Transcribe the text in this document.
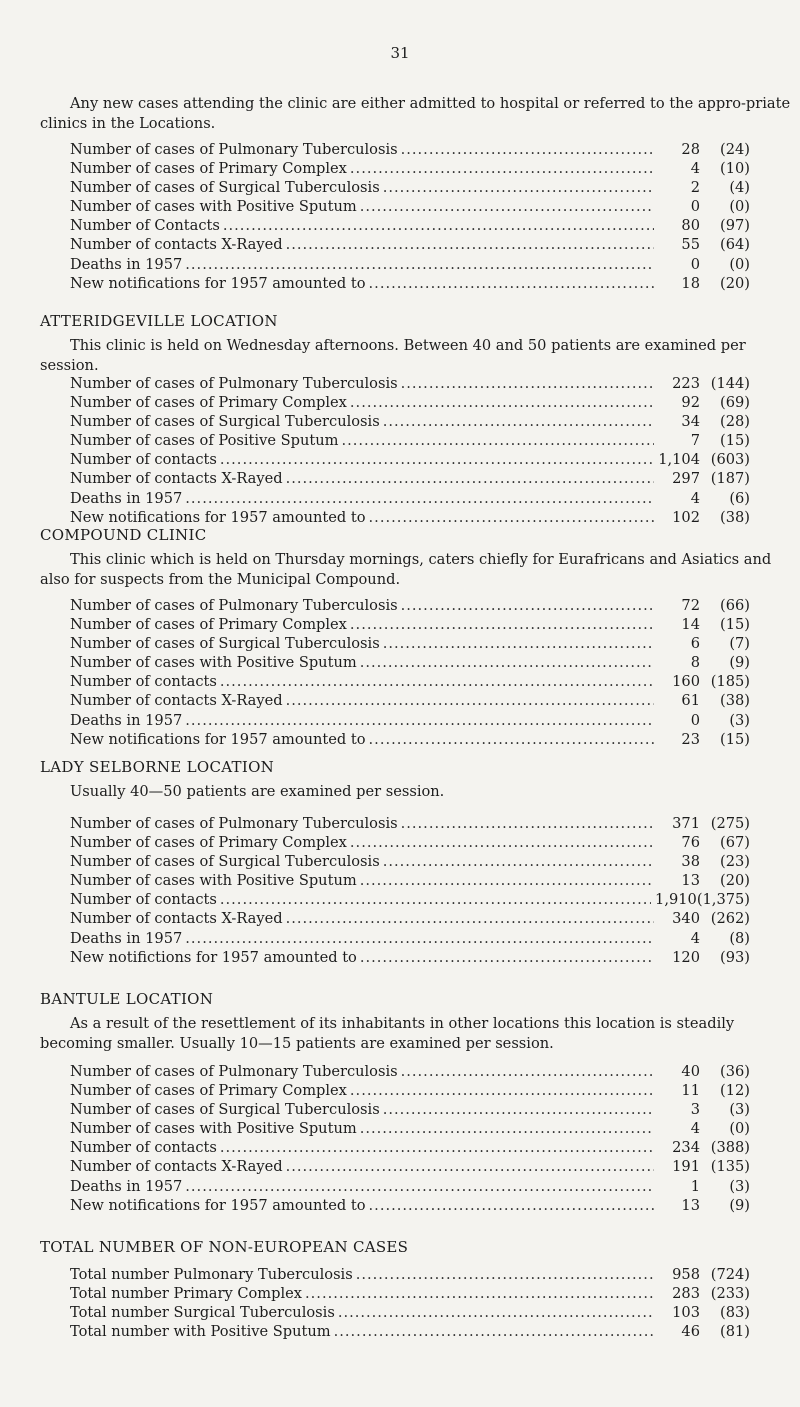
31
Any new cases attending the clinic are either admitted to hospital or referred to the appro-priate clinics in the Locations.
Number of cases of Pulmonary Tuberculosis .....	28	(24)
Number of cases of Primary Complex .....	4	(10)
Number of cases of Surgical Tuberculosis .....	2	(4)
Number of cases with Positive Sputum .....	0	(0)
Number of Contacts .....	80	(97)
Number of contacts X-Rayed .....	55	(64)
Deaths in 1957 .....	0	(0)
New notifications for 1957 amounted to .....	18	(20)
ATTERIDGEVILLE LOCATION
This clinic is held on Wednesday afternoons. Between 40 and 50 patients are examined per session.
Number of cases of Pulmonary Tuberculosis .....	223 (144)
Number of cases of Primary Complex .....	92	(69)
Number of cases of Surgical Tuberculosis .....	34	(28)
Number of cases of Positive Sputum .....	7	(15)
Number of contacts .....	1,104 (603)
Number of contacts X-Rayed .....	297 (187)
Deaths in 1957 .....	4	(6)
New notifications for 1957 amounted to .....	102	(38)
COMPOUND CLINIC
This clinic which is held on Thursday mornings, caters chiefly for Eurafricans and Asiatics and also for suspects from the Municipal Compound.
Number of cases of Pulmonary Tuberculosis .....	72	(66)
Number of cases of Primary Complex .....	14	(15)
Number of cases of Surgical Tuberculosis .....	6	(7)
Number of cases with Positive Sputum .....	8	(9)
Number of contacts .....	160 (185)
Number of contacts X-Rayed .....	61	(38)
Deaths in 1957 .....	0	(3)
New notifications for 1957 amounted to .....	23	(15)
LADY SELBORNE LOCATION
Usually 40—50 patients are examined per session.
Number of cases of Pulmonary Tuberculosis .....	371 (275)
Number of cases of Primary Complex .....	76	(67)
Number of cases of Surgical Tuberculosis .....	38	(23)
Number of cases with Positive Sputum .....	13	(20)
Number of contacts .....	1,910 (1,375)
Number of contacts X-Rayed .....	340 (262)
Deaths in 1957 .....	4	(8)
New notifictions for 1957 amounted to .....	120	(93)
BANTULE LOCATION
As a result of the resettlement of its inhabitants in other locations this location is steadily becoming smaller. Usually 10—15 patients are examined per session.
Number of cases of Pulmonary Tuberculosis .....	40	(36)
Number of cases of Primary Complex .....	11	(12)
Number of cases of Surgical Tuberculosis .....	3	(3)
Number of cases with Positive Sputum .....	4	(0)
Number of contacts .....	234 (388)
Number of contacts X-Rayed .....	191 (135)
Deaths in 1957 .....	1	(3)
New notifications for 1957 amounted to .....	13	(9)
TOTAL NUMBER OF NON-EUROPEAN CASES
Total number Pulmonary Tuberculosis .....	958 (724)
Total number Primary Complex .....	283 (233)
Total number Surgical Tuberculosis .....	103	(83)
Total number with Positive Sputum .....	46	(81)
